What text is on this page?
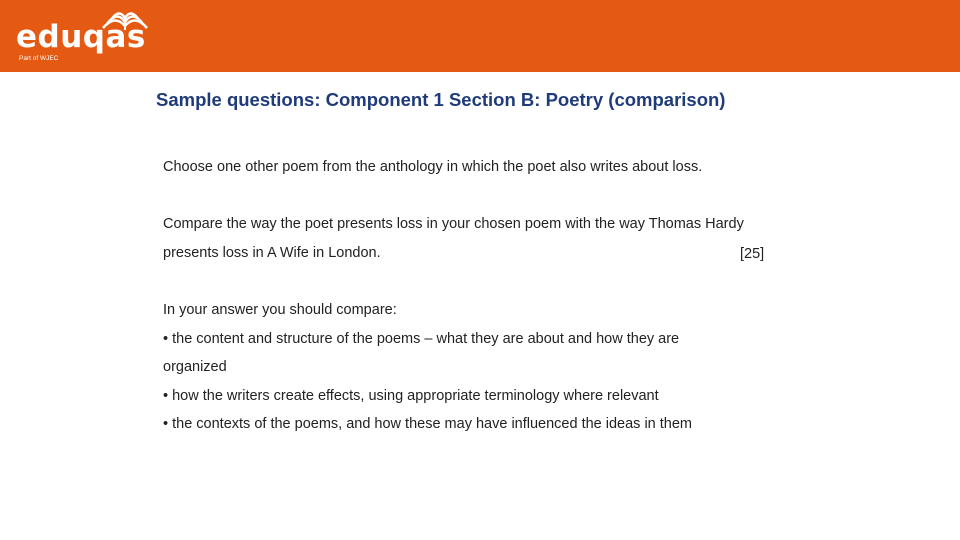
eduqas
Part of WJEC
Sample questions: Component 1 Section B: Poetry (comparison)
Choose one other poem from the anthology in which the poet also writes about loss.
Compare the way the poet presents loss in your chosen poem with the way Thomas Hardy
presents loss in A Wife in London.	[25]
In your answer you should compare:
• the content and structure of the poems – what they are about and how they are
organized
• how the writers create effects, using appropriate terminology where relevant
• the contexts of the poems, and how these may have influenced the ideas in them
